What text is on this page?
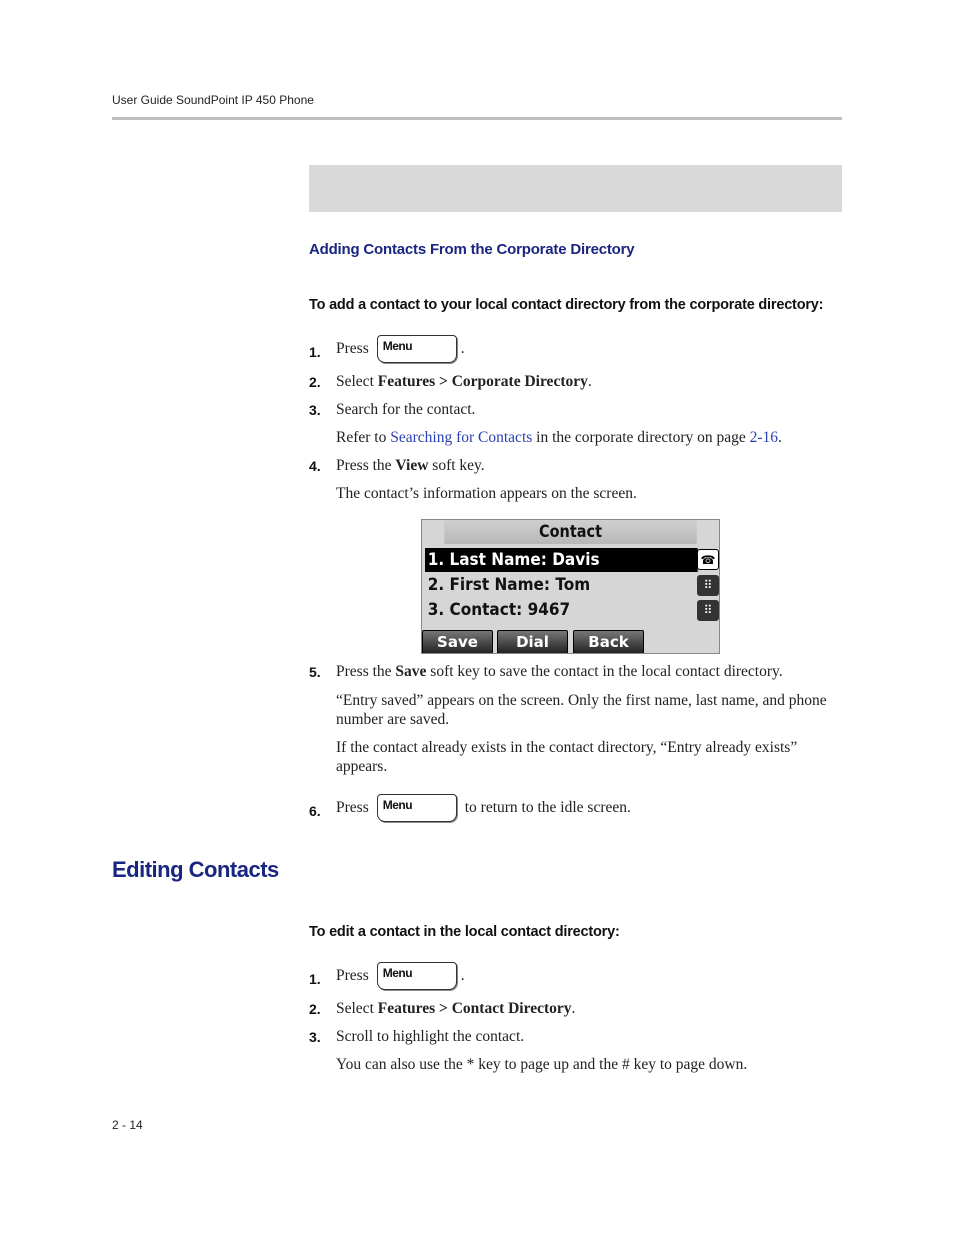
User Guide SoundPoint IP 450 Phone
Adding Contacts From the Corporate Directory
To add a contact to your local contact directory from the corporate directory:
1. Press Menu	.
2. Select Features > Corporate Directory.
3. Search for the contact.
Refer to Searching for Contacts in the corporate directory on page 2-16.
4. Press the View soft key.
The contact’s information appears on the screen.
Contact
1. Last Name: Davis
2. First Name: Tom
3. Contact: 9467
☎
⠿
⠿
Save	Dial	Back
5. Press the Save soft key to save the contact in the local contact directory.
“Entry saved” appears on the screen. Only the first name, last name, and phone number are saved.
If the contact already exists in the contact directory, “Entry already exists” appears.
6. Press Menu	to return to the idle screen.
Editing Contacts
To edit a contact in the local contact directory:
1. Press Menu	.
2. Select Features > Contact Directory.
3. Scroll to highlight the contact.
You can also use the * key to page up and the # key to page down.
2 - 14
